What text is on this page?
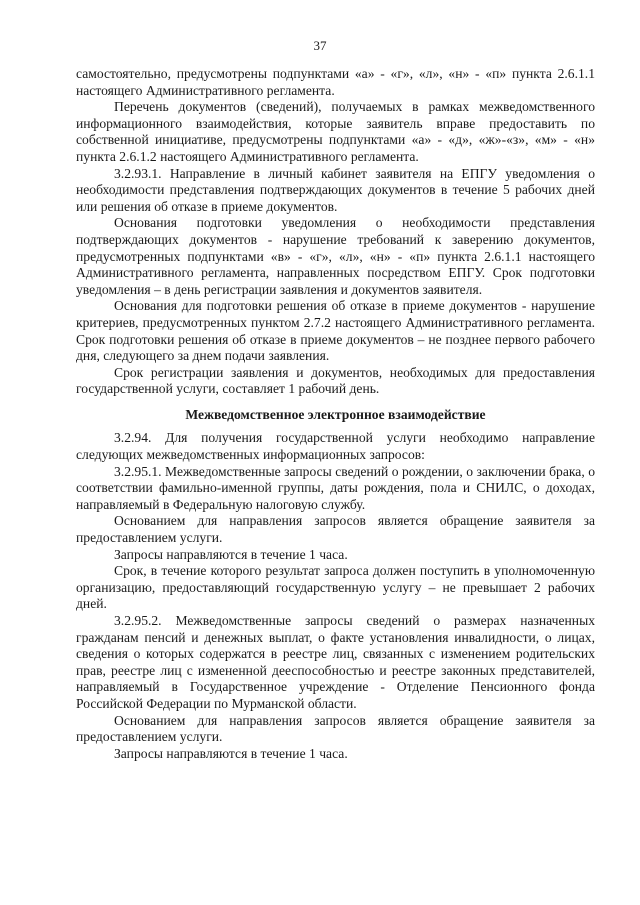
37

самостоятельно, предусмотрены подпунктами «а» - «г», «л», «н» - «п» пункта 2.6.1.1 настоящего Административного регламента.

Перечень документов (сведений), получаемых в рамках межведомственного информационного взаимодействия, которые заявитель вправе предоставить по собственной инициативе, предусмотрены подпунктами «а» - «д», «ж»-«з», «м» - «н» пункта 2.6.1.2 настоящего Административного регламента.

3.2.93.1. Направление в личный кабинет заявителя на ЕПГУ уведомления о необходимости представления подтверждающих документов в течение 5 рабочих дней или решения об отказе в приеме документов.

Основания подготовки уведомления о необходимости представления подтверждающих документов - нарушение требований к заверению документов, предусмотренных подпунктами «в» - «г», «л», «н» - «п» пункта 2.6.1.1 настоящего Административного регламента, направленных посредством ЕПГУ. Срок подготовки уведомления – в день регистрации заявления и документов заявителя.

Основания для подготовки решения об отказе в приеме документов - нарушение критериев, предусмотренных пунктом 2.7.2 настоящего Административного регламента. Срок подготовки решения об отказе в приеме документов – не позднее первого рабочего дня, следующего за днем подачи заявления.

Срок регистрации заявления и документов, необходимых для предоставления государственной услуги, составляет 1 рабочий день.

Межведомственное электронное взаимодействие

3.2.94. Для получения государственной услуги необходимо направление следующих межведомственных информационных запросов:

3.2.95.1. Межведомственные запросы сведений о рождении, о заключении брака, о соответствии фамильно-именной группы, даты рождения, пола и СНИЛС, о доходах, направляемый в Федеральную налоговую службу.

Основанием для направления запросов является обращение заявителя за предоставлением услуги.

Запросы направляются в течение 1 часа.

Срок, в течение которого результат запроса должен поступить в уполномоченную организацию, предоставляющий государственную услугу – не превышает 2 рабочих дней.

3.2.95.2. Межведомственные запросы сведений о размерах назначенных гражданам пенсий и денежных выплат, о факте установления инвалидности, о лицах, сведения о которых содержатся в реестре лиц, связанных с изменением родительских прав, реестре лиц с измененной дееспособностью и реестре законных представителей, направляемый в Государственное учреждение - Отделение Пенсионного фонда Российской Федерации по Мурманской области.

Основанием для направления запросов является обращение заявителя за предоставлением услуги.

Запросы направляются в течение 1 часа.
